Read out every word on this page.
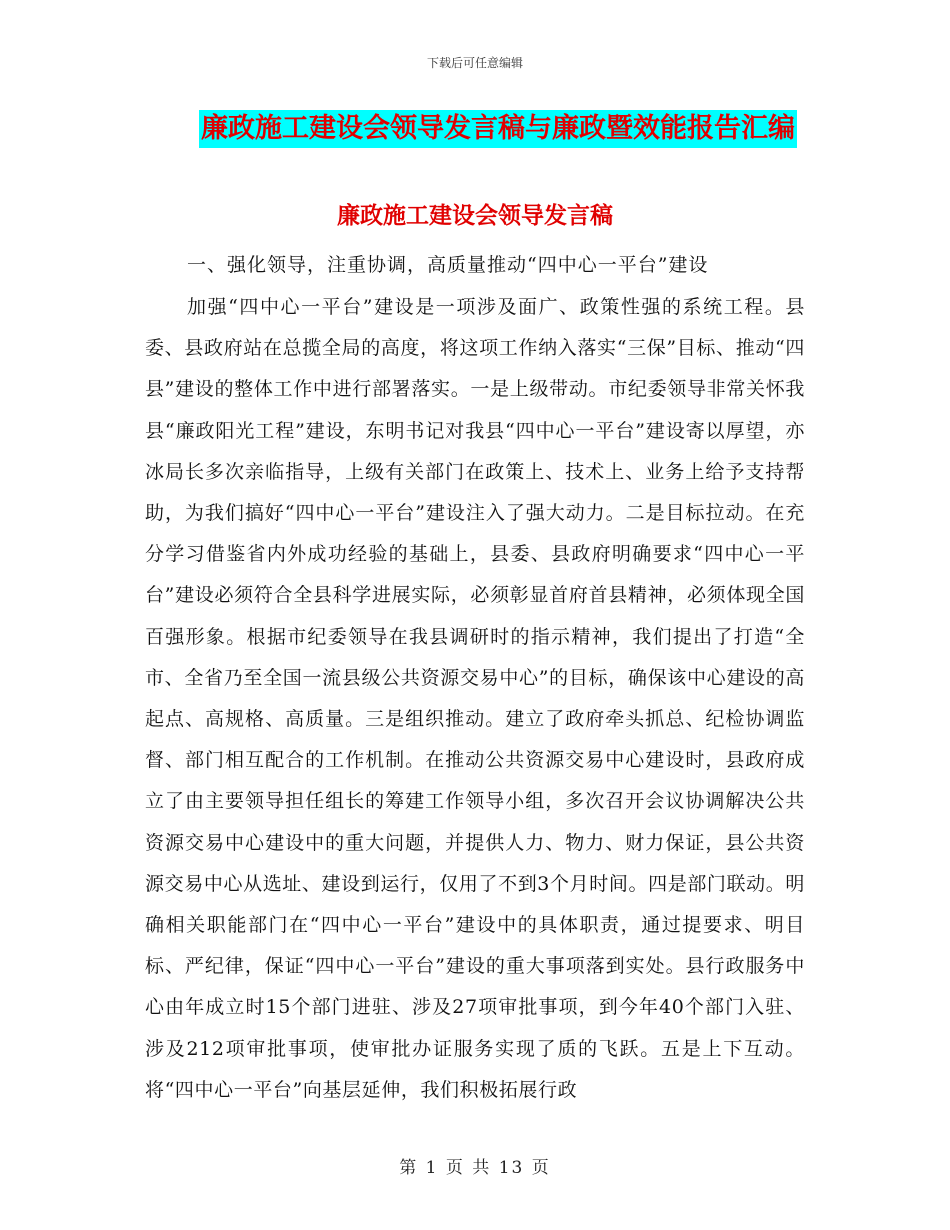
下载后可任意编辑
廉政施工建设会领导发言稿与廉政暨效能报告汇编
廉政施工建设会领导发言稿

一、强化领导，注重协调，高质量推动“四中心一平台”建设

加强“四中心一平台”建设是一项涉及面广、政策性强的系统工程。县委、县政府站在总揽全局的高度，将这项工作纳入落实“三保”目标、推动“四县”建设的整体工作中进行部署落实。一是上级带动。市纪委领导非常关怀我县“廉政阳光工程”建设，东明书记对我县“四中心一平台”建设寄以厚望，亦冰局长多次亲临指导，上级有关部门在政策上、技术上、业务上给予支持帮助，为我们搞好“四中心一平台”建设注入了强大动力。二是目标拉动。在充分学习借鉴省内外成功经验的基础上，县委、县政府明确要求“四中心一平台”建设必须符合全县科学进展实际，必须彰显首府首县精神，必须体现全国百强形象。根据市纪委领导在我县调研时的指示精神，我们提出了打造“全市、全省乃至全国一流县级公共资源交易中心”的目标，确保该中心建设的高起点、高规格、高质量。三是组织推动。建立了政府牵头抓总、纪检协调监督、部门相互配合的工作机制。在推动公共资源交易中心建设时，县政府成立了由主要领导担任组长的筹建工作领导小组，多次召开会议协调解决公共资源交易中心建设中的重大问题，并提供人力、物力、财力保证，县公共资源交易中心从选址、建设到运行，仅用了不到3个月时间。四是部门联动。明确相关职能部门在“四中心一平台”建设中的具体职责，通过提要求、明目标、严纪律，保证“四中心一平台”建设的重大事项落到实处。县行政服务中心由年成立时15个部门进驻、涉及27项审批事项，到今年40个部门入驻、涉及212项审批事项，使审批办证服务实现了质的飞跃。五是上下互动。将“四中心一平台”向基层延伸，我们积极拓展行政

第 1 页 共 13 页
